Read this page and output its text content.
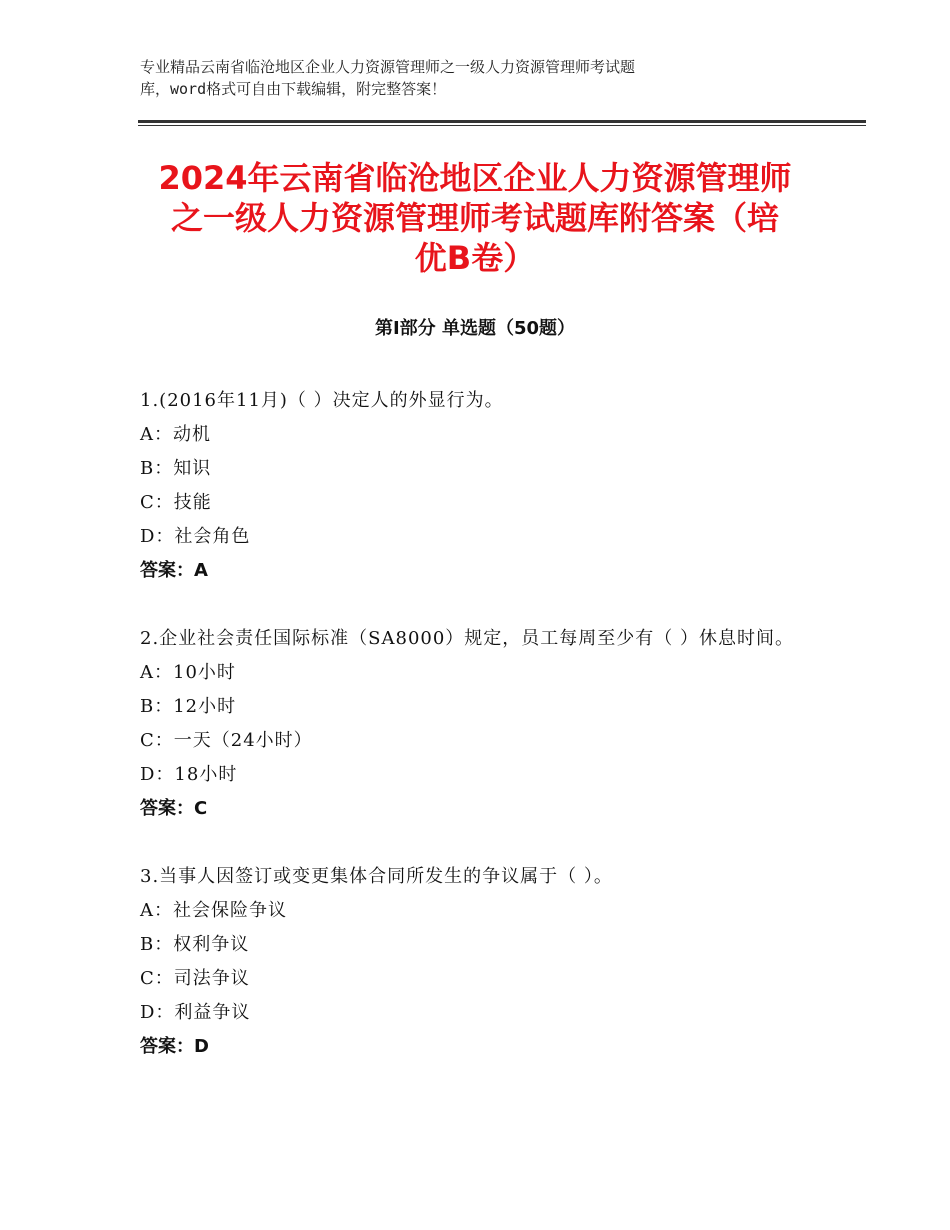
专业精品云南省临沧地区企业人力资源管理师之一级人力资源管理师考试题
库，word格式可自由下载编辑，附完整答案！
2024年云南省临沧地区企业人力资源管理师
之一级人力资源管理师考试题库附答案（培
优B卷）
第Ⅰ部分 单选题（50题）
1.(2016年11月)（ ）决定人的外显行为。
A：动机
B：知识
C：技能
D：社会角色
答案：A
2.企业社会责任国际标准（SA8000）规定，员工每周至少有（ ）休息时间。
A：10小时
B：12小时
C：一天（24小时）
D：18小时
答案：C
3.当事人因签订或变更集体合同所发生的争议属于（ ）。
A：社会保险争议
B：权利争议
C：司法争议
D：利益争议
答案：D
